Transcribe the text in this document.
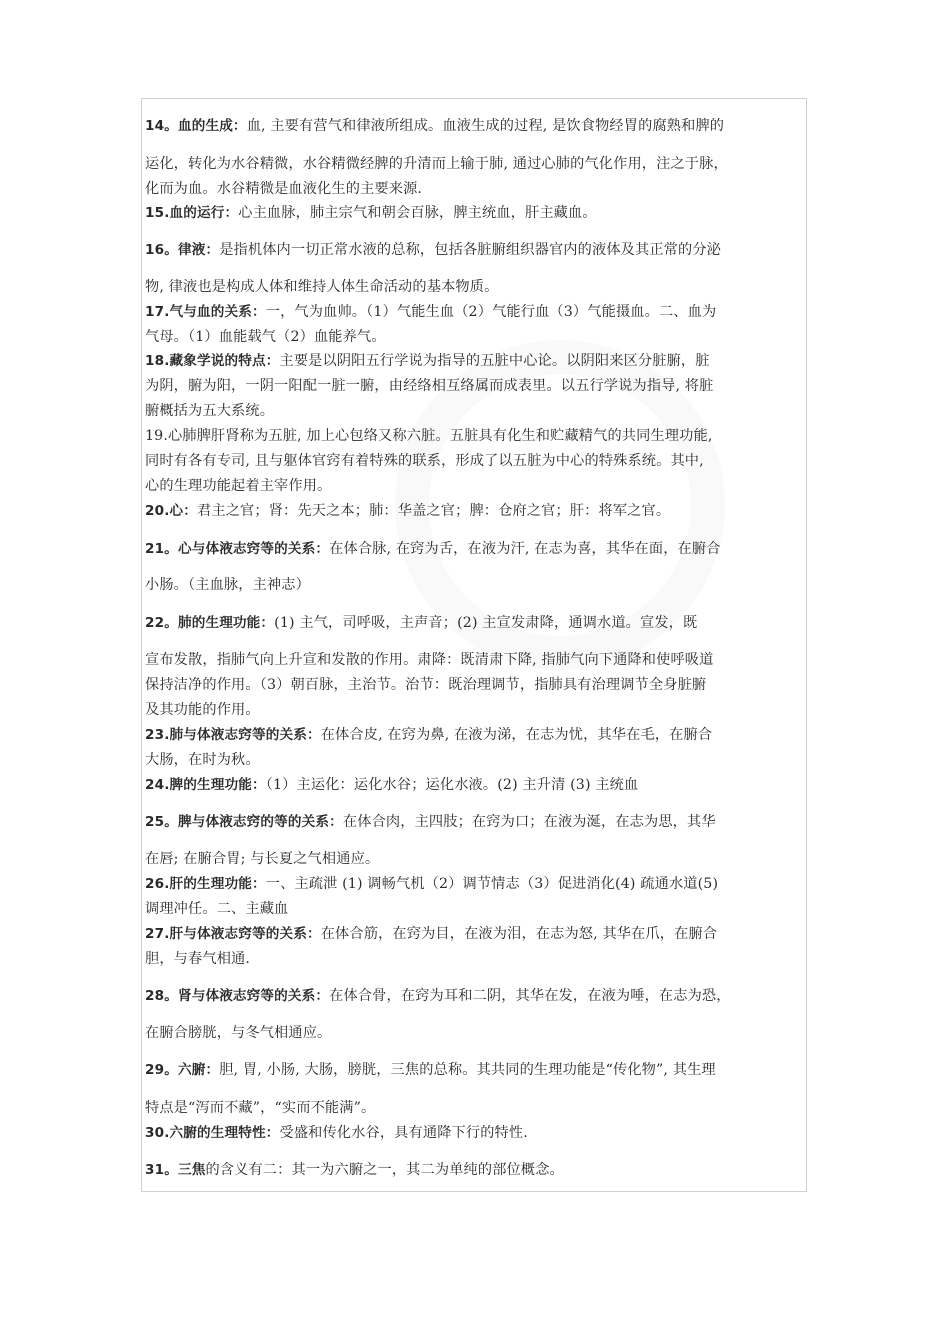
14。血的生成：血, 主要有营气和律液所组成。血液生成的过程, 是饮食物经胃的腐熟和脾的
运化，转化为水谷精微，水谷精微经脾的升清而上输于肺, 通过心肺的气化作用，注之于脉，
化而为血。水谷精微是血液化生的主要来源.
15.血的运行：心主血脉，肺主宗气和朝会百脉，脾主统血，肝主藏血。
16。律液：是指机体内一切正常水液的总称，包括各脏腑组织器官内的液体及其正常的分泌
物, 律液也是构成人体和维持人体生命活动的基本物质。
17.气与血的关系：一，气为血帅。（1）气能生血（2）气能行血（3）气能摄血。二、血为
气母。（1）血能载气（2）血能养气。
18.藏象学说的特点：主要是以阴阳五行学说为指导的五脏中心论。以阴阳来区分脏腑，脏
为阴，腑为阳，一阴一阳配一脏一腑，由经络相互络属而成表里。以五行学说为指导, 将脏
腑概括为五大系统。
19.心肺脾肝肾称为五脏, 加上心包络又称六脏。五脏具有化生和贮藏精气的共同生理功能,
同时有各有专司, 且与躯体官窍有着特殊的联系，形成了以五脏为中心的特殊系统。其中,
心的生理功能起着主宰作用。
20.心：君主之官；肾：先天之本；肺：华盖之官；脾：仓府之官；肝：将军之官。
21。心与体液志窍等的关系：在体合脉, 在窍为舌，在液为汗, 在志为喜，其华在面，在腑合
小肠。（主血脉，主神志）
22。肺的生理功能：(1) 主气，司呼吸，主声音；(2) 主宣发肃降，通调水道。宣发，既
宣布发散，指肺气向上升宣和发散的作用。肃降：既清肃下降, 指肺气向下通降和使呼吸道
保持洁净的作用。（3）朝百脉，主治节。治节：既治理调节，指肺具有治理调节全身脏腑
及其功能的作用。
23.肺与体液志窍等的关系：在体合皮, 在窍为鼻, 在液为涕，在志为忧，其华在毛，在腑合
大肠，在时为秋。
24.脾的生理功能：（1）主运化：运化水谷；运化水液。(2) 主升清 (3) 主统血
25。脾与体液志窍的等的关系：在体合肉，主四肢；在窍为口；在液为涎，在志为思，其华
在唇; 在腑合胃; 与长夏之气相通应。
26.肝的生理功能：一、主疏泄 (1) 调畅气机（2）调节情志（3）促进消化(4) 疏通水道(5)
调理冲任。二、主藏血
27.肝与体液志窍等的关系：在体合筋，在窍为目，在液为泪，在志为怒, 其华在爪，在腑合
胆，与春气相通.
28。肾与体液志窍等的关系：在体合骨，在窍为耳和二阴，其华在发，在液为唾，在志为恐，
在腑合膀胱，与冬气相通应。
29。六腑：胆, 胃, 小肠, 大肠，膀胱，三焦的总称。其共同的生理功能是“传化物”, 其生理
特点是“泻而不藏”，“实而不能满”。
30.六腑的生理特性：受盛和传化水谷，具有通降下行的特性.
31。三焦的含义有二：其一为六腑之一，其二为单纯的部位概念。
